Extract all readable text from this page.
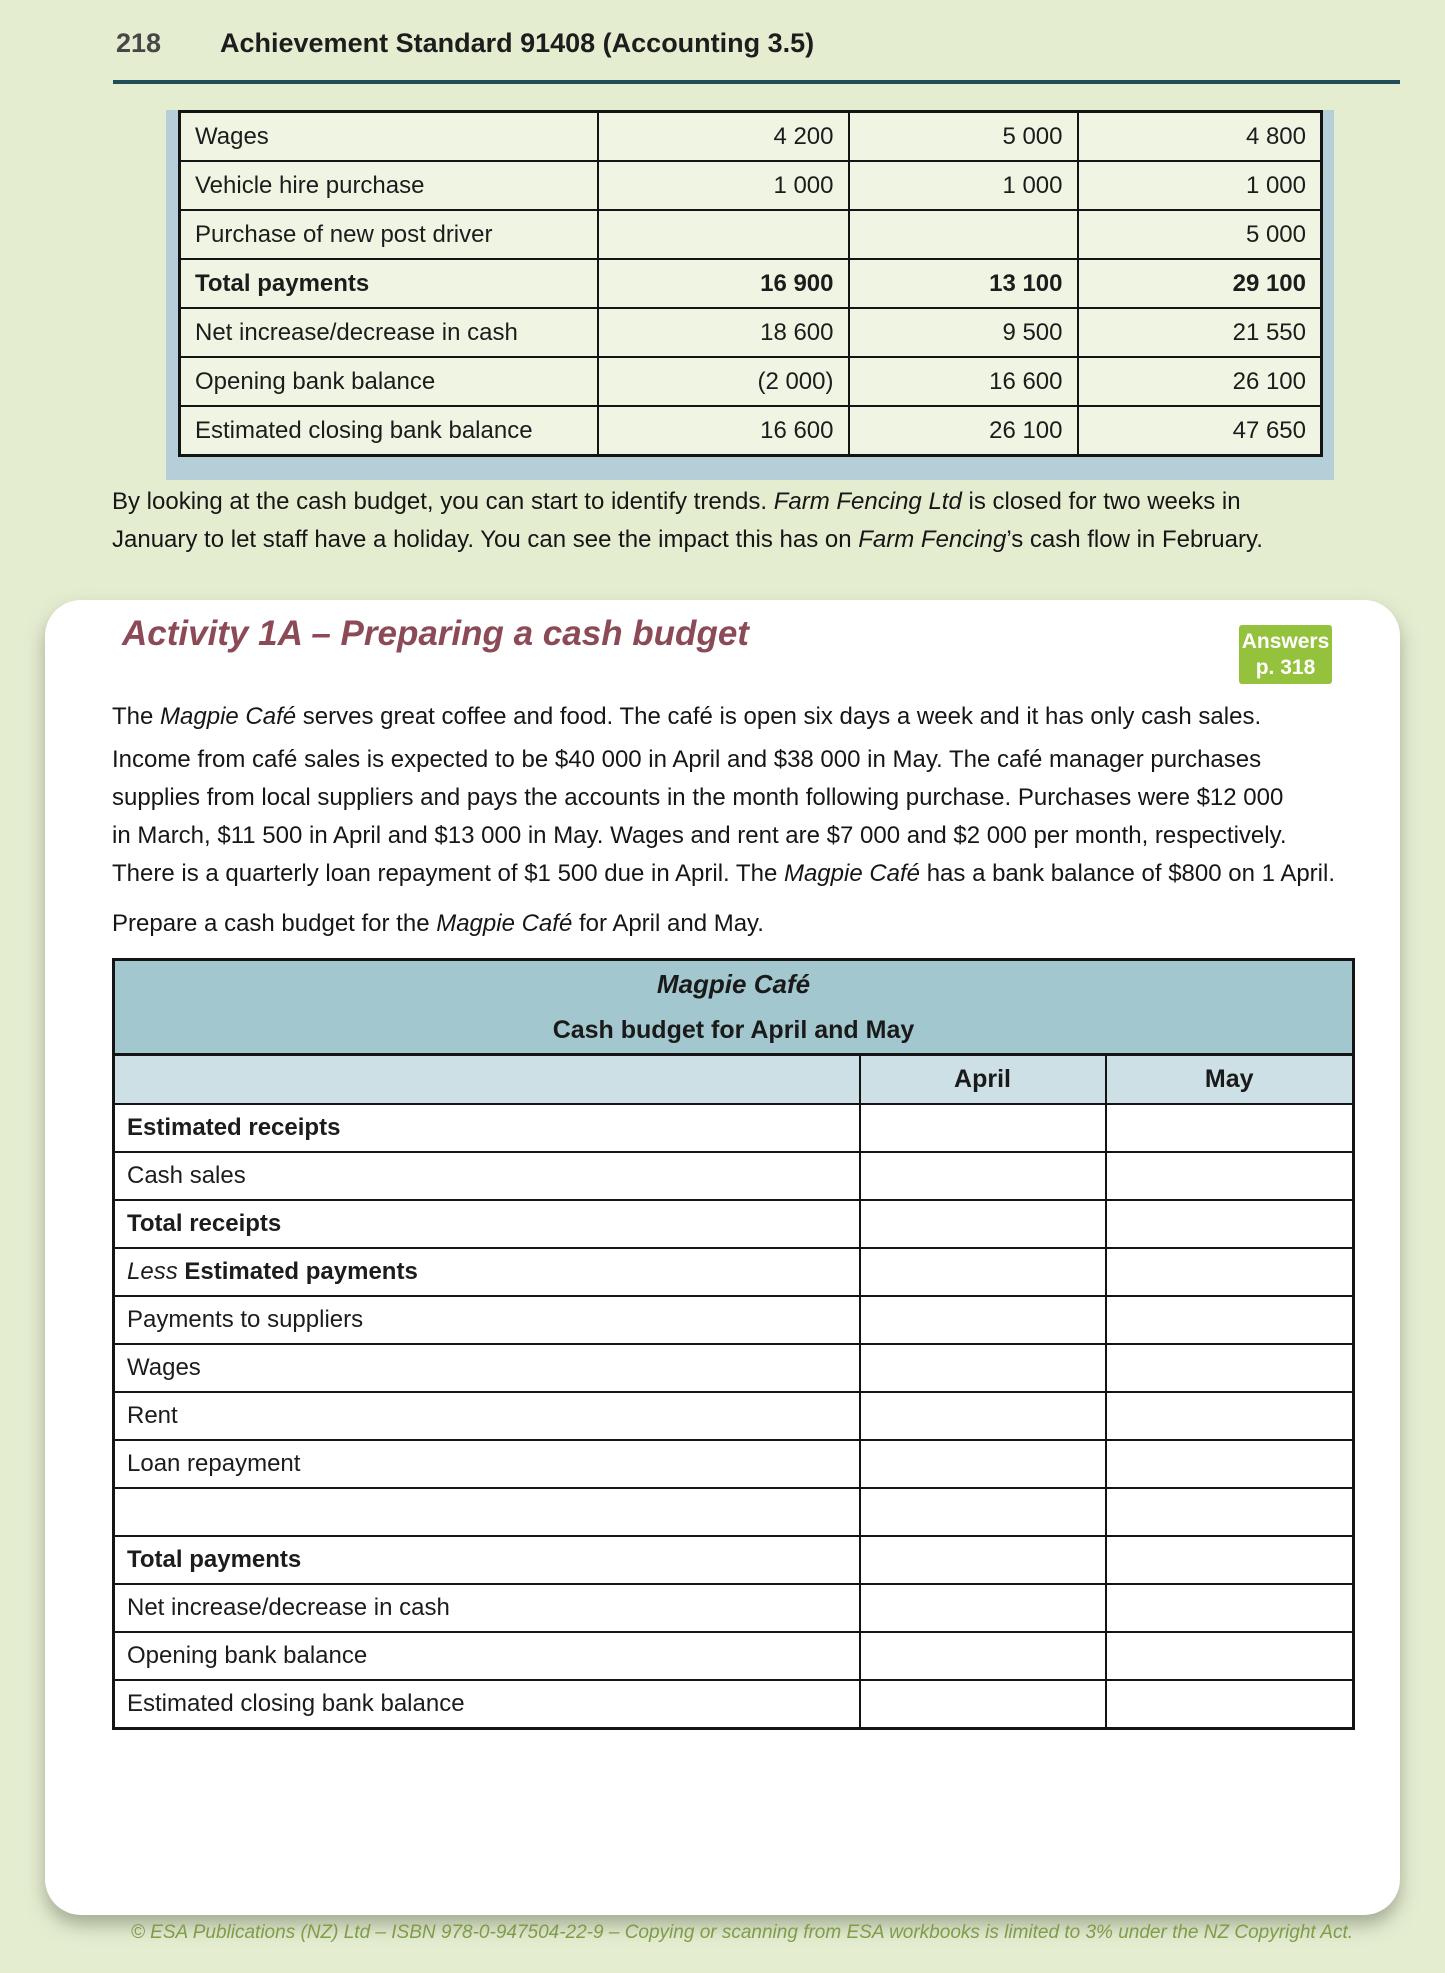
218 Achievement Standard 91408 (Accounting 3.5)
Wages	4 200	5 000	4 800
Vehicle hire purchase	1 000	1 000	1 000
Purchase of new post driver			5 000
Total payments	16 900	13 100	29 100
Net increase/decrease in cash	18 600	9 500	21 550
Opening bank balance	(2 000)	16 600	26 100
Estimated closing bank balance	16 600	26 100	47 650
By looking at the cash budget, you can start to identify trends. Farm Fencing Ltd is closed for two weeks in
January to let staff have a holiday. You can see the impact this has on Farm Fencing’s cash flow in February.
Activity 1A – Preparing a cash budget	Answers
p. 318
The Magpie Café serves great coffee and food. The café is open six days a week and it has only cash sales.
Income from café sales is expected to be $40 000 in April and $38 000 in May. The café manager purchases
supplies from local suppliers and pays the accounts in the month following purchase. Purchases were $12 000
in March, $11 500 in April and $13 000 in May. Wages and rent are $7 000 and $2 000 per month, respectively.
There is a quarterly loan repayment of $1 500 due in April. The Magpie Café has a bank balance of $800 on 1 April.
Prepare a cash budget for the Magpie Café for April and May.
Magpie Café
Cash budget for April and May		

	April	May
Estimated receipts		
Cash sales		
Total receipts		
Less Estimated payments		
Payments to suppliers		
Wages		
Rent		
Loan repayment		

Total payments		
Net increase/decrease in cash		
Opening bank balance		
Estimated closing bank balance		
© ESA Publications (NZ) Ltd – ISBN 978-0-947504-22-9 – Copying or scanning from ESA workbooks is limited to 3% under the NZ Copyright Act.
